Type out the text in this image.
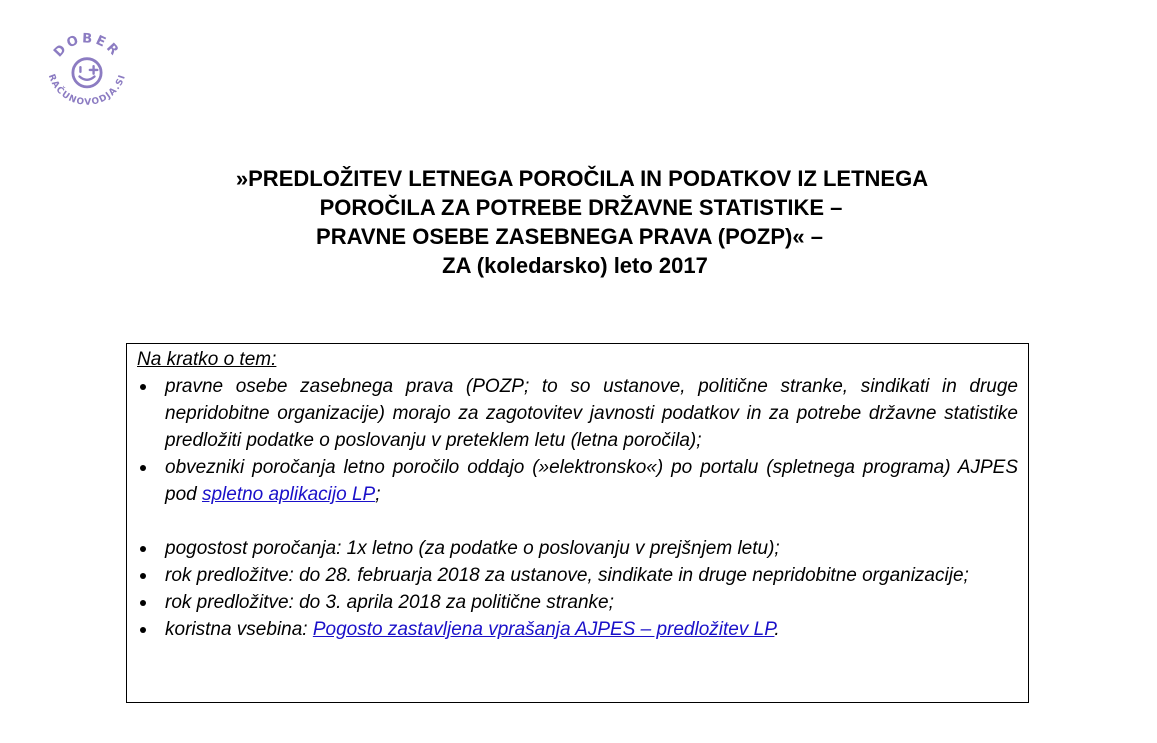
DOBER
RAČUNOVODJA.SI
»PREDLOŽITEV LETNEGA POROČILA IN PODATKOV IZ LETNEGA
POROČILA ZA POTREBE DRŽAVNE STATISTIKE –
PRAVNE OSEBE ZASEBNEGA PRAVA (POZP)« –
ZA (koledarsko) leto 2017

Na kratko o tem:

pravne osebe zasebnega prava (POZP; to so ustanove, politične stranke, sindikati in druge nepridobitne organizacije) morajo za zagotovitev javnosti podatkov in za potrebe državne statistike predložiti podatke o poslovanju v preteklem letu (letna poročila);
obvezniki poročanja letno poročilo oddajo (»elektronsko«) po portalu (spletnega programa) AJPES pod spletno aplikacijo LP;
pogostost poročanja: 1x letno (za podatke o poslovanju v prejšnjem letu);
rok predložitve: do 28. februarja 2018 za ustanove, sindikate in druge nepridobitne organizacije;
rok predložitve: do 3. aprila 2018 za politične stranke;
koristna vsebina: Pogosto zastavljena vprašanja AJPES – predložitev LP.
